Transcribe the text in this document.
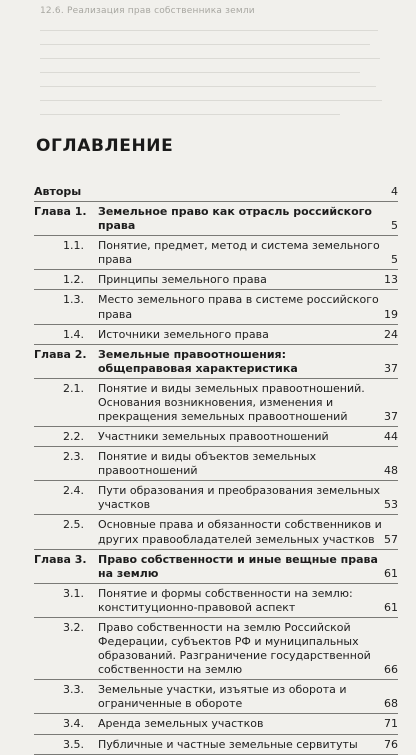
12.6. Реализация прав собственника земли
ОГЛАВЛЕНИЕ
Авторы	4
Глава 1.	Земельное право как отрасль российского права	5
1.1.	Понятие, предмет, метод и система земельного права	5
1.2.	Принципы земельного права	13
1.3.	Место земельного права в системе российского права	19
1.4.	Источники земельного права	24
Глава 2.	Земельные правоотношения: общеправовая характеристика	37
2.1.	Понятие и виды земельных правоотношений. Основания возникновения, изменения и прекращения земельных правоотношений	37
2.2.	Участники земельных правоотношений	44
2.3.	Понятие и виды объектов земельных правоотношений	48
2.4.	Пути образования и преобразования земельных участков	53
2.5.	Основные права и обязанности собственников и других правообладателей земельных участков 57
Глава 3.	Право собственности и иные вещные права на землю	61
3.1.	Понятие и формы собственности на землю: конституционно-правовой аспект	61
3.2.	Право собственности на землю Российской Федерации, субъектов РФ и муниципальных образований. Разграничение государственной собственности на землю	66
3.3.	Земельные участки, изъятые из оборота и ограниченные в обороте	68
3.4.	Аренда земельных участков	71
3.5.	Публичные и частные земельные сервитуты	76
